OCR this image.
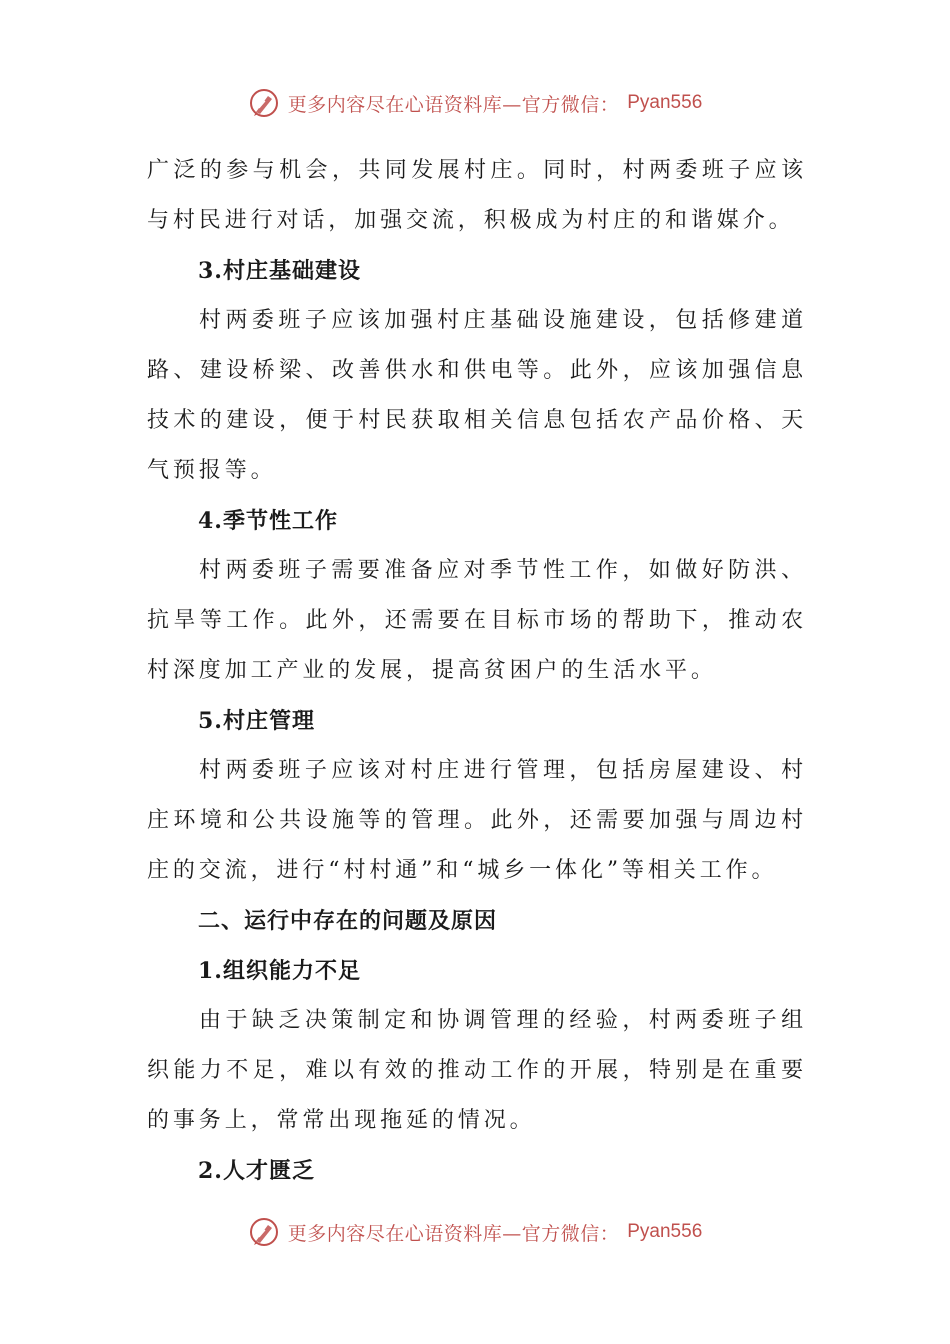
更多内容尽在心语资料库—官方微信： Pyan556

广泛的参与机会，共同发展村庄。同时，村两委班子应该与村民进行对话，加强交流，积极成为村庄的和谐媒介。

3.村庄基础建设

村两委班子应该加强村庄基础设施建设，包括修建道路、建设桥梁、改善供水和供电等。此外，应该加强信息技术的建设，便于村民获取相关信息包括农产品价格、天气预报等。

4.季节性工作

村两委班子需要准备应对季节性工作，如做好防洪、抗旱等工作。此外，还需要在目标市场的帮助下，推动农村深度加工产业的发展，提高贫困户的生活水平。

5.村庄管理

村两委班子应该对村庄进行管理，包括房屋建设、村庄环境和公共设施等的管理。此外，还需要加强与周边村庄的交流，进行“村村通”和“城乡一体化”等相关工作。

二、运行中存在的问题及原因

1.组织能力不足

由于缺乏决策制定和协调管理的经验，村两委班子组织能力不足，难以有效的推动工作的开展，特别是在重要的事务上，常常出现拖延的情况。

2.人才匮乏

更多内容尽在心语资料库—官方微信： Pyan556
